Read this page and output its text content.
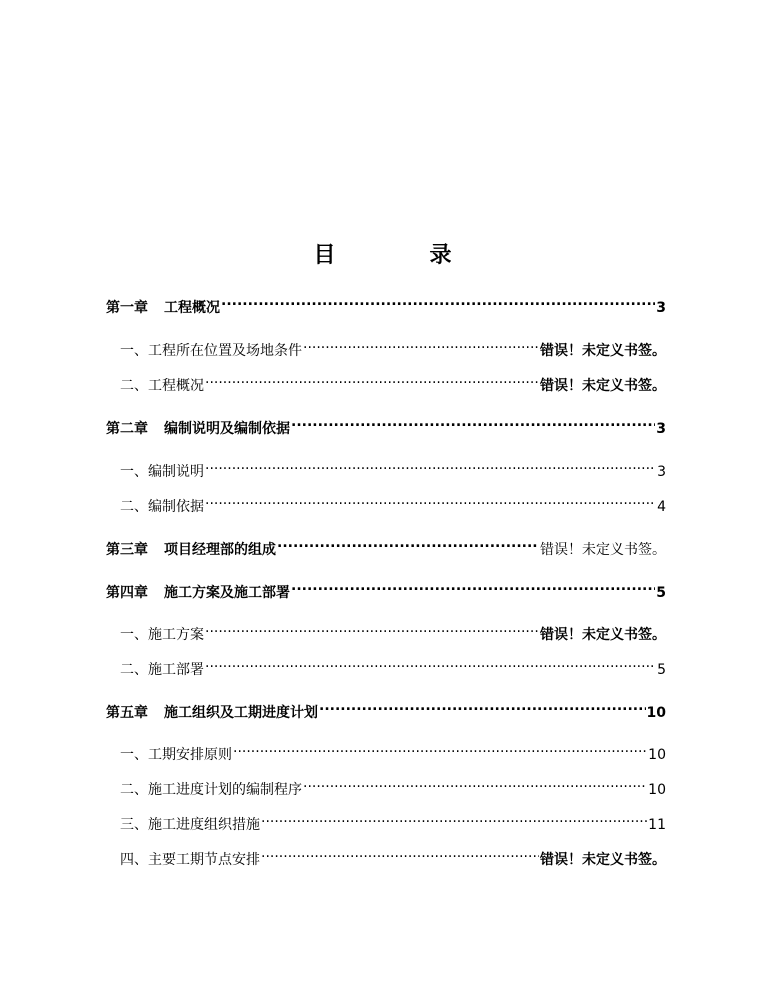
目　录
第一章 工程概况 .....	3
一、工程所在位置及场地条件 .....	错误！未定义书签。
二、工程概况 .....	错误！未定义书签。
第二章 编制说明及编制依据 .....	3
一、编制说明 .....	3
二、编制依据 .....	4
第三章 项目经理部的组成 .....	错误！未定义书签。
第四章 施工方案及施工部署 .....	5
一、施工方案 .....	错误！未定义书签。
二、施工部署 .....	5
第五章 施工组织及工期进度计划 .....	10
一、工期安排原则 .....	10
二、施工进度计划的编制程序 .....	10
三、施工进度组织措施 .....	11
四、主要工期节点安排 .....	错误！未定义书签。
